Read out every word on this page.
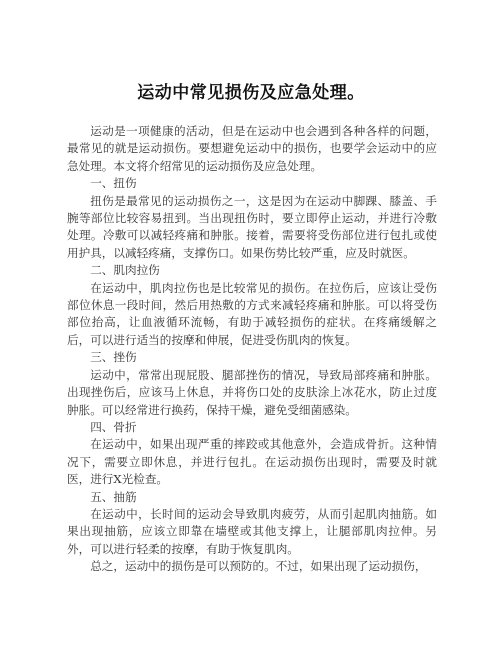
运动中常见损伤及应急处理。

运动是一项健康的活动，但是在运动中也会遇到各种各样的问题，最常见的就是运动损伤。要想避免运动中的损伤，也要学会运动中的应急处理。本文将介绍常见的运动损伤及应急处理。

一、扭伤

扭伤是最常见的运动损伤之一，这是因为在运动中脚踝、膝盖、手腕等部位比较容易扭到。当出现扭伤时，要立即停止运动，并进行冷敷处理。冷敷可以减轻疼痛和肿胀。接着，需要将受伤部位进行包扎或使用护具，以减轻疼痛，支撑伤口。如果伤势比较严重，应及时就医。

二、肌肉拉伤

在运动中，肌肉拉伤也是比较常见的损伤。在拉伤后，应该让受伤部位休息一段时间，然后用热敷的方式来减轻疼痛和肿胀。可以将受伤部位抬高，让血液循环流畅，有助于减轻损伤的症状。在疼痛缓解之后，可以进行适当的按摩和伸展，促进受伤肌肉的恢复。

三、挫伤

运动中，常常出现屁股、腿部挫伤的情况，导致局部疼痛和肿胀。出现挫伤后，应该马上休息，并将伤口处的皮肤涂上冰花水，防止过度肿胀。可以经常进行换药，保持干燥，避免受细菌感染。

四、骨折

在运动中，如果出现严重的摔跤或其他意外，会造成骨折。这种情况下，需要立即休息，并进行包扎。在运动损伤出现时，需要及时就医，进行X光检查。

五、抽筋

在运动中，长时间的运动会导致肌肉疲劳，从而引起肌肉抽筋。如果出现抽筋，应该立即靠在墙壁或其他支撑上，让腿部肌肉拉伸。另外，可以进行轻柔的按摩，有助于恢复肌肉。

总之，运动中的损伤是可以预防的。不过，如果出现了运动损伤，
